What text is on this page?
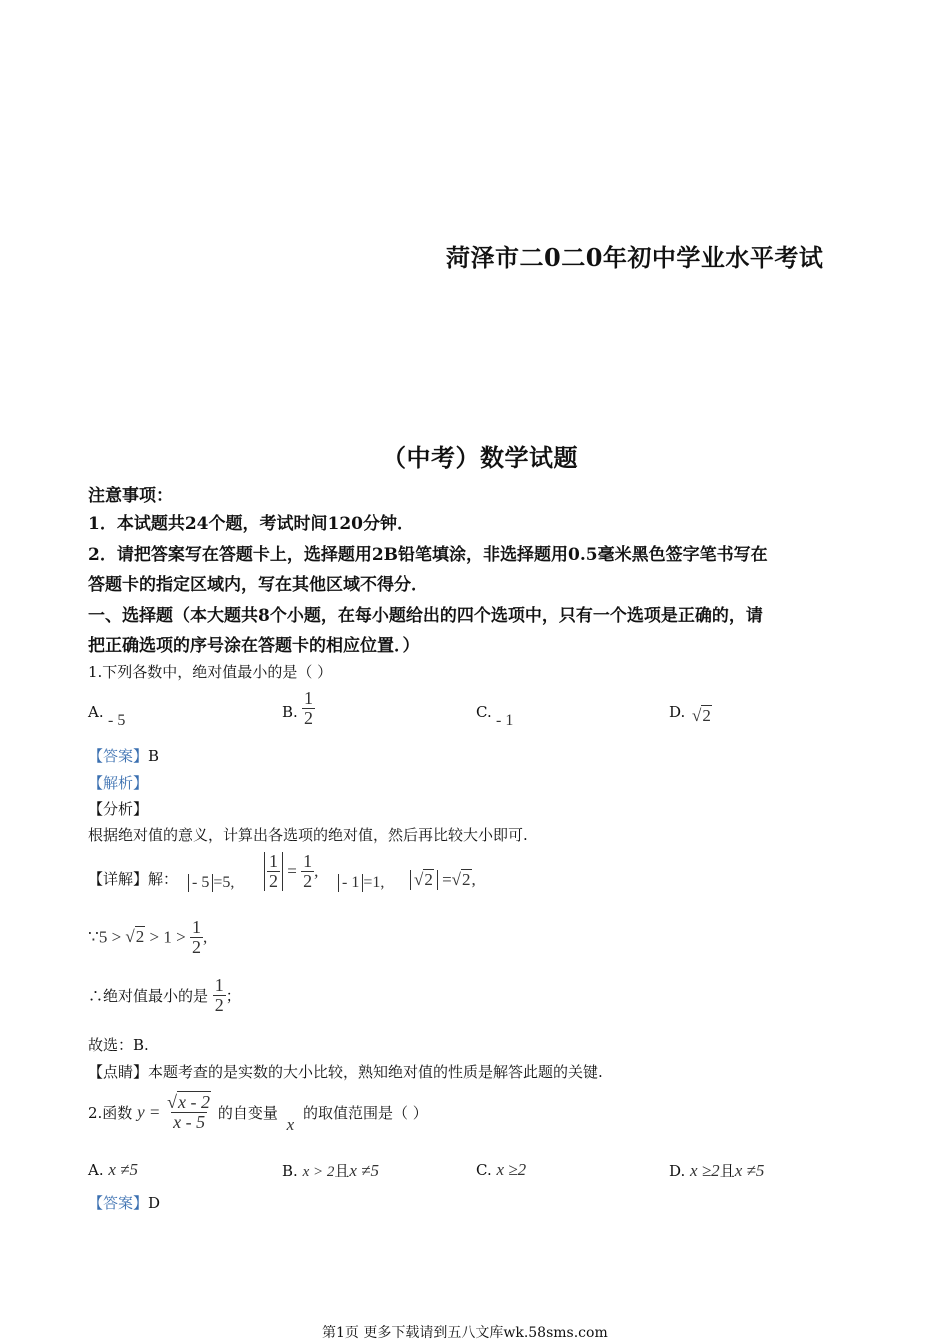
菏泽市二0二0年初中学业水平考试
（中考）数学试题
注意事项：
1．本试题共24个题，考试时间120分钟．
2．请把答案写在答题卡上，选择题用2B铅笔填涂，非选择题用0.5毫米黑色签字笔书写在
答题卡的指定区域内，写在其他区域不得分．
一、选择题（本大题共8个小题，在每小题给出的四个选项中，只有一个选项是正确的，请
把正确选项的序号涂在答题卡的相应位置．）
1.下列各数中，绝对值最小的是（ ）
A. - 5	B. $\frac{1}{2}$	C. - 1	D. √2
【答案】B
【解析】
【分析】
根据绝对值的意义，计算出各选项的绝对值，然后再比较大小即可.
【详解】解： - 5 =5, $\frac{1}{2} = \frac{1}{2}$ ,
- 1 =1, √2 =√2,
∵5 > $√2 > 1 > \frac{1}{2}$ ,
∴绝对值最小的是 $\frac{1}{2}$ ；
故选：B.
【点睛】本题考查的是实数的大小比较，熟知绝对值的性质是解答此题的关键.
2.函数 $y = \frac{√x - 2}{x - 5}$ 的自变量 x 的取值范围是（ ）
A. x ≠5	B. x > 2且x ≠5	C. x ≥2	D. x ≥2且x ≠5
【答案】D
第1页 更多下载请到五八文库wk.58sms.com
